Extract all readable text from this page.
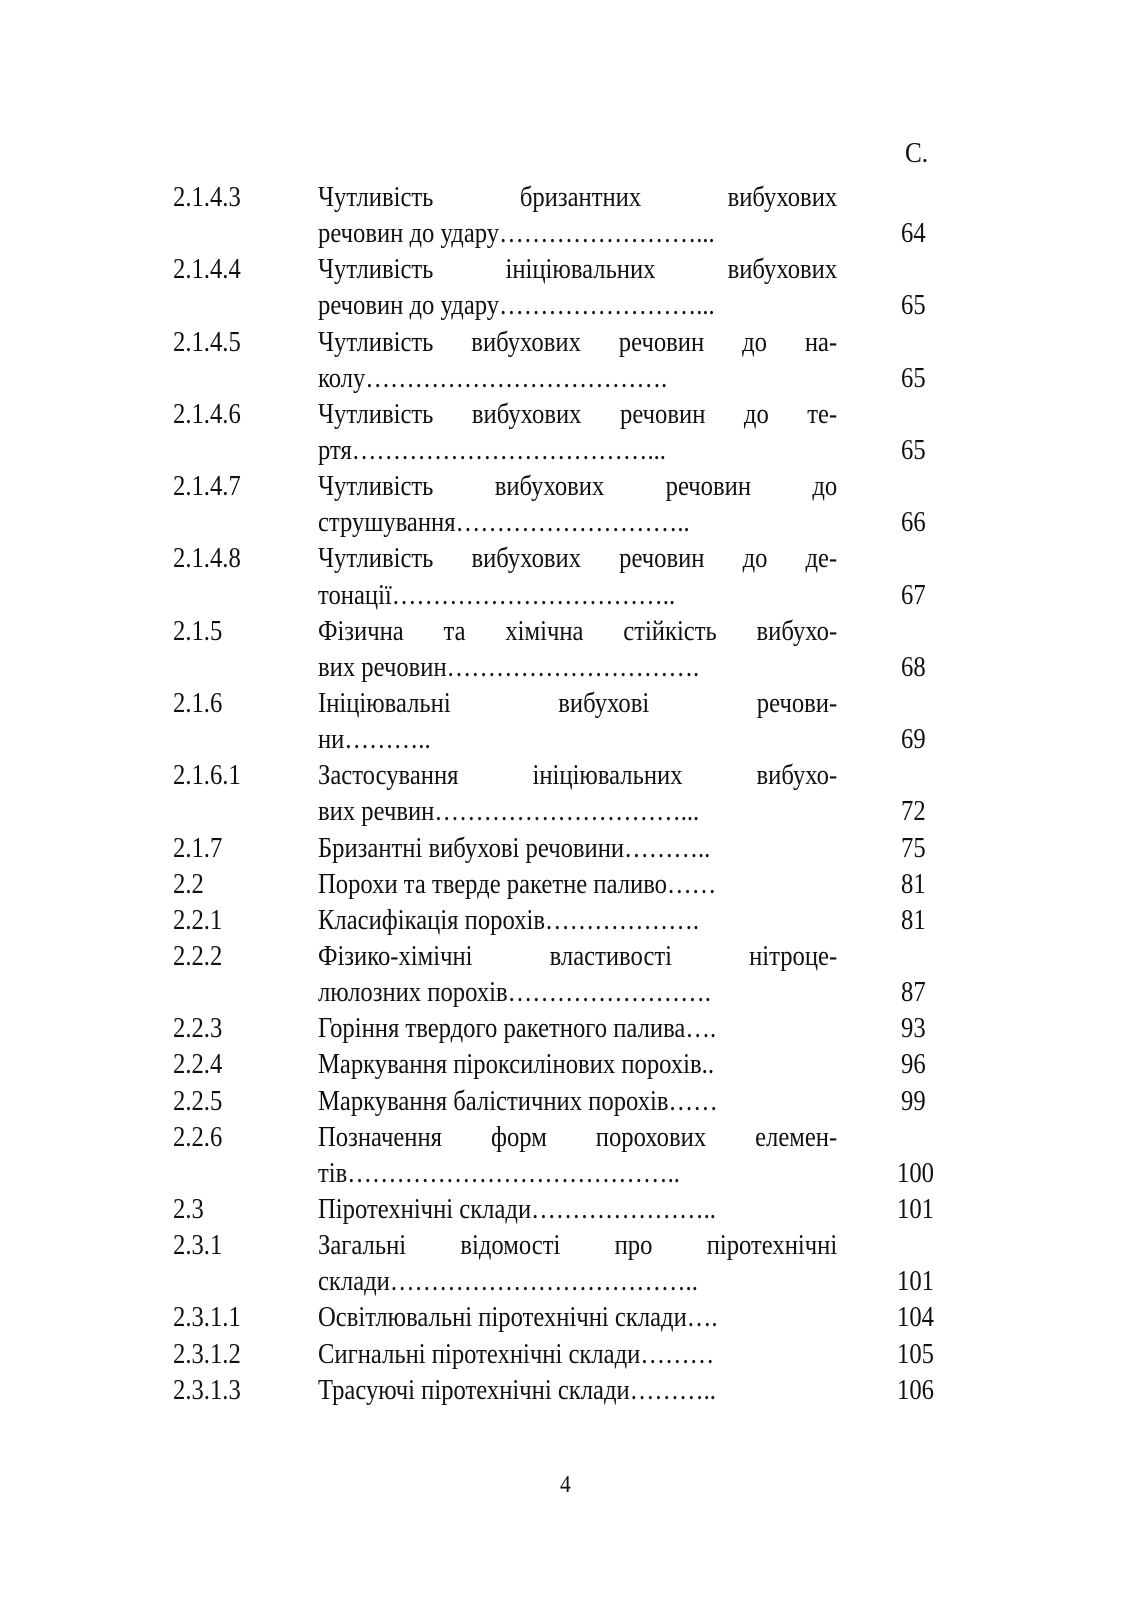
С.
2.1.4.3	Чутливість бризантних вибухових
речовин до удару……………………...	64
2.1.4.4	Чутливість ініціювальних вибухових
речовин до удару……………………...	65
2.1.4.5	Чутливість вибухових речовин до на-
колу……………………………….	65
2.1.4.6	Чутливість вибухових речовин до те-
ртя………………………………...	65
2.1.4.7	Чутливість вибухових речовин до
струшування………………………..	66
2.1.4.8	Чутливість вибухових речовин до де-
тонації……………………………..	67
2.1.5	Фізична та хімічна стійкість вибухо-
вих речовин………………………….	68
2.1.6	Ініціювальні вибухові речови-
ни………..	69
2.1.6.1	Застосування ініціювальних вибухо-
вих речвин…………………………...	72
2.1.7	Бризантні вибухові речовини………..	75
2.2	Порохи та тверде ракетне паливо……	81
2.2.1	Класифікація порохів……………….	81
2.2.2	Фізико-хімічні властивості нітроце-
люлозних порохів…………………….	87
2.2.3	Горіння твердого ракетного палива….	93
2.2.4	Маркування піроксилінових порохів..	96
2.2.5	Маркування балістичних порохів……	99
2.2.6	Позначення форм порохових елемен-
тів…………………………………..	100
2.3	Піротехнічні склади…………………..	101
2.3.1	Загальні відомості про піротехнічні
склади………………………………..	101
2.3.1.1	Освітлювальні піротехнічні склади….	104
2.3.1.2	Сигнальні піротехнічні склади………	105
2.3.1.3	Трасуючі піротехнічні склади………..	106
4
